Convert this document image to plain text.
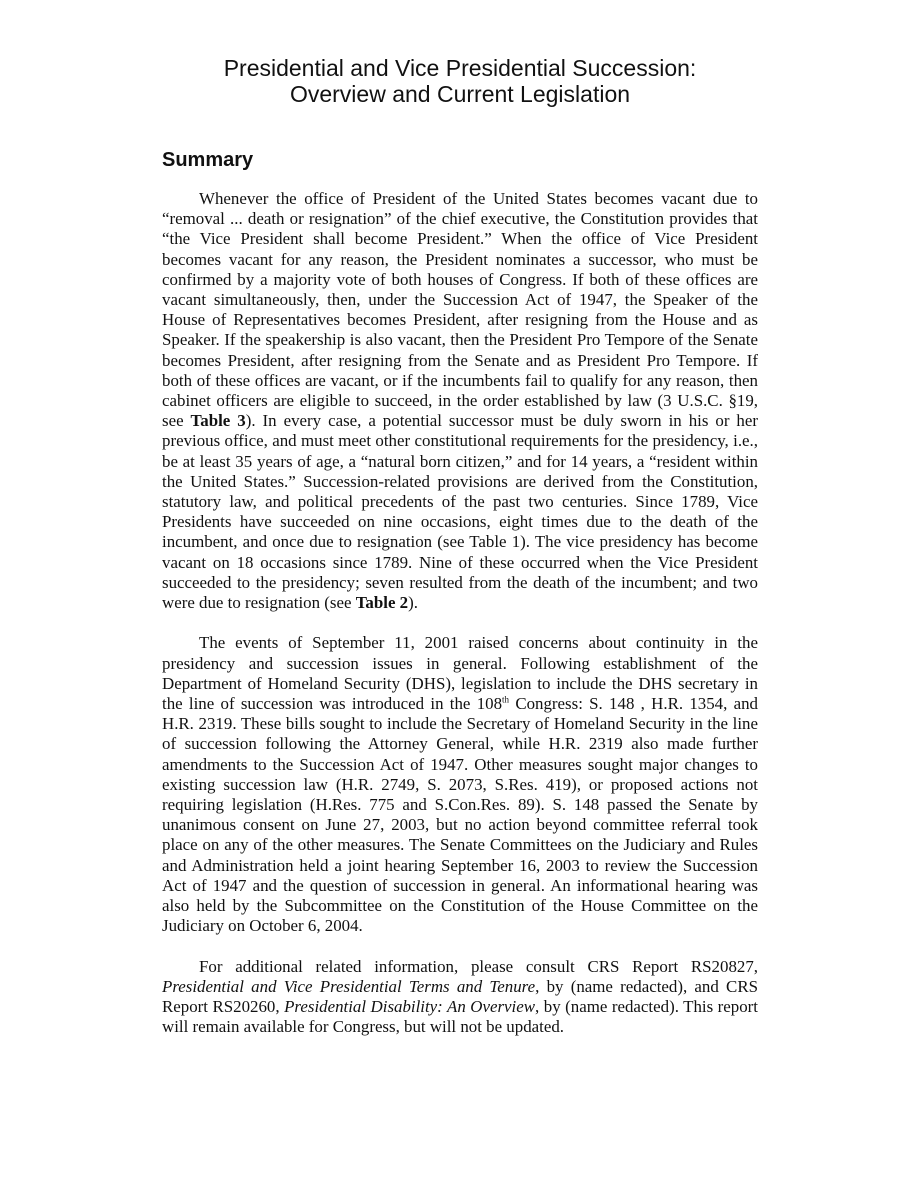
Presidential and Vice Presidential Succession:
Overview and Current Legislation
Summary

Whenever the office of President of the United States becomes vacant due to “removal ... death or resignation” of the chief executive, the Constitution provides that “the Vice President shall become President.” When the office of Vice President becomes vacant for any reason, the President nominates a successor, who must be confirmed by a majority vote of both houses of Congress. If both of these offices are vacant simultaneously, then, under the Succession Act of 1947, the Speaker of the House of Representatives becomes President, after resigning from the House and as Speaker. If the speakership is also vacant, then the President Pro Tempore of the Senate becomes President, after resigning from the Senate and as President Pro Tempore. If both of these offices are vacant, or if the incumbents fail to qualify for any reason, then cabinet officers are eligible to succeed, in the order established by law (3 U.S.C. §19, see Table 3). In every case, a potential successor must be duly sworn in his or her previous office, and must meet other constitutional requirements for the presidency, i.e., be at least 35 years of age, a “natural born citizen,” and for 14 years, a “resident within the United States.” Succession-related provisions are derived from the Constitution, statutory law, and political precedents of the past two centuries. Since 1789, Vice Presidents have succeeded on nine occasions, eight times due to the death of the incumbent, and once due to resignation (see Table 1). The vice presidency has become vacant on 18 occasions since 1789. Nine of these occurred when the Vice President succeeded to the presidency; seven resulted from the death of the incumbent; and two were due to resignation (see Table 2).

The events of September 11, 2001 raised concerns about continuity in the presidency and succession issues in general. Following establishment of the Department of Homeland Security (DHS), legislation to include the DHS secretary in the line of succession was introduced in the 108th Congress: S. 148 , H.R. 1354, and H.R. 2319. These bills sought to include the Secretary of Homeland Security in the line of succession following the Attorney General, while H.R. 2319 also made further amendments to the Succession Act of 1947. Other measures sought major changes to existing succession law (H.R. 2749, S. 2073, S.Res. 419), or proposed actions not requiring legislation (H.Res. 775 and S.Con.Res. 89). S. 148 passed the Senate by unanimous consent on June 27, 2003, but no action beyond committee referral took place on any of the other measures. The Senate Committees on the Judiciary and Rules and Administration held a joint hearing September 16, 2003 to review the Succession Act of 1947 and the question of succession in general. An informational hearing was also held by the Subcommittee on the Constitution of the House Committee on the Judiciary on October 6, 2004.

For additional related information, please consult CRS Report RS20827, Presidential and Vice Presidential Terms and Tenure, by (name redacted), and CRS Report RS20260, Presidential Disability: An Overview, by (name redacted). This report will remain available for Congress, but will not be updated.
